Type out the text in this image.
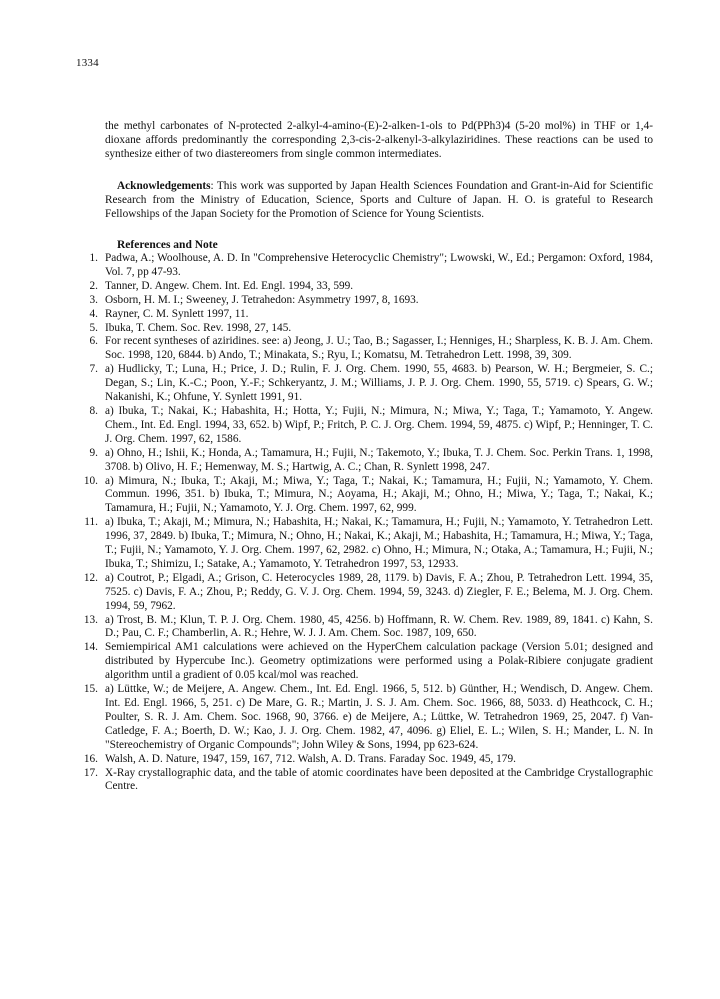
1334

the methyl carbonates of N-protected 2-alkyl-4-amino-(E)-2-alken-1-ols to Pd(PPh3)4 (5-20 mol%) in THF or 1,4-dioxane affords predominantly the corresponding 2,3-cis-2-alkenyl-3-alkylaziridines. These reactions can be used to synthesize either of two diastereomers from single common intermediates.

Acknowledgements: This work was supported by Japan Health Sciences Foundation and Grant-in-Aid for Scientific Research from the Ministry of Education, Science, Sports and Culture of Japan. H. O. is grateful to Research Fellowships of the Japan Society for the Promotion of Science for Young Scientists.

References and Note
1 . Padwa, A.; Woolhouse, A. D. In "Comprehensive Heterocyclic Chemistry"; Lwowski, W., Ed.; Pergamon: Oxford, 1984, Vol. 7, pp 47-93.
2 . Tanner, D. Angew. Chem. Int. Ed. Engl. 1994, 33, 599.
3 . Osborn, H. M. I.; Sweeney, J. Tetrahedon: Asymmetry 1997, 8, 1693.
4 . Rayner, C. M. Synlett 1997, 11.
5 . Ibuka, T. Chem. Soc. Rev. 1998, 27, 145.
6 . For recent syntheses of aziridines. see: a) Jeong, J. U.; Tao, B.; Sagasser, I.; Henniges, H.; Sharpless, K. B. J. Am. Chem. Soc. 1998, 120, 6844. b) Ando, T.; Minakata, S.; Ryu, I.; Komatsu, M. Tetrahedron Lett. 1998, 39, 309.
7 . a) Hudlicky, T.; Luna, H.; Price, J. D.; Rulin, F. J. Org. Chem. 1990, 55, 4683. b) Pearson, W. H.; Bergmeier, S. C.; Degan, S.; Lin, K.-C.; Poon, Y.-F.; Schkeryantz, J. M.; Williams, J. P. J. Org. Chem. 1990, 55, 5719. c) Spears, G. W.; Nakanishi, K.; Ohfune, Y. Synlett 1991, 91.
8 . a) Ibuka, T.; Nakai, K.; Habashita, H.; Hotta, Y.; Fujii, N.; Mimura, N.; Miwa, Y.; Taga, T.; Yamamoto, Y. Angew. Chem., Int. Ed. Engl. 1994, 33, 652. b) Wipf, P.; Fritch, P. C. J. Org. Chem. 1994, 59, 4875. c) Wipf, P.; Henninger, T. C. J. Org. Chem. 1997, 62, 1586.
9 . a) Ohno, H.; Ishii, K.; Honda, A.; Tamamura, H.; Fujii, N.; Takemoto, Y.; Ibuka, T. J. Chem. Soc. Perkin Trans. 1, 1998, 3708. b) Olivo, H. F.; Hemenway, M. S.; Hartwig, A. C.; Chan, R. Synlett 1998, 247.
10 . a) Mimura, N.; Ibuka, T.; Akaji, M.; Miwa, Y.; Taga, T.; Nakai, K.; Tamamura, H.; Fujii, N.; Yamamoto, Y. Chem. Commun. 1996, 351. b) Ibuka, T.; Mimura, N.; Aoyama, H.; Akaji, M.; Ohno, H.; Miwa, Y.; Taga, T.; Nakai, K.; Tamamura, H.; Fujii, N.; Yamamoto, Y. J. Org. Chem. 1997, 62, 999.
11 . a) Ibuka, T.; Akaji, M.; Mimura, N.; Habashita, H.; Nakai, K.; Tamamura, H.; Fujii, N.; Yamamoto, Y. Tetrahedron Lett. 1996, 37, 2849. b) Ibuka, T.; Mimura, N.; Ohno, H.; Nakai, K.; Akaji, M.; Habashita, H.; Tamamura, H.; Miwa, Y.; Taga, T.; Fujii, N.; Yamamoto, Y. J. Org. Chem. 1997, 62, 2982. c) Ohno, H.; Mimura, N.; Otaka, A.; Tamamura, H.; Fujii, N.; Ibuka, T.; Shimizu, I.; Satake, A.; Yamamoto, Y. Tetrahedron 1997, 53, 12933.
12 . a) Coutrot, P.; Elgadi, A.; Grison, C. Heterocycles 1989, 28, 1179. b) Davis, F. A.; Zhou, P. Tetrahedron Lett. 1994, 35, 7525. c) Davis, F. A.; Zhou, P.; Reddy, G. V. J. Org. Chem. 1994, 59, 3243. d) Ziegler, F. E.; Belema, M. J. Org. Chem. 1994, 59, 7962.
13 . a) Trost, B. M.; Klun, T. P. J. Org. Chem. 1980, 45, 4256. b) Hoffmann, R. W. Chem. Rev. 1989, 89, 1841. c) Kahn, S. D.; Pau, C. F.; Chamberlin, A. R.; Hehre, W. J. J. Am. Chem. Soc. 1987, 109, 650.
14 . Semiempirical AM1 calculations were achieved on the HyperChem calculation package (Version 5.01; designed and distributed by Hypercube Inc.). Geometry optimizations were performed using a Polak-Ribiere conjugate gradient algorithm until a gradient of 0.05 kcal/mol was reached.
15 . a) Lüttke, W.; de Meijere, A. Angew. Chem., Int. Ed. Engl. 1966, 5, 512. b) Günther, H.; Wendisch, D. Angew. Chem. Int. Ed. Engl. 1966, 5, 251. c) De Mare, G. R.; Martin, J. S. J. Am. Chem. Soc. 1966, 88, 5033. d) Heathcock, C. H.; Poulter, S. R. J. Am. Chem. Soc. 1968, 90, 3766. e) de Meijere, A.; Lüttke, W. Tetrahedron 1969, 25, 2047. f) Van-Catledge, F. A.; Boerth, D. W.; Kao, J. J. Org. Chem. 1982, 47, 4096. g) Eliel, E. L.; Wilen, S. H.; Mander, L. N. In "Stereochemistry of Organic Compounds"; John Wiley & Sons, 1994, pp 623-624.
16 . Walsh, A. D. Nature, 1947, 159, 167, 712. Walsh, A. D. Trans. Faraday Soc. 1949, 45, 179.
17 . X-Ray crystallographic data, and the table of atomic coordinates have been deposited at the Cambridge Crystallographic Centre.
